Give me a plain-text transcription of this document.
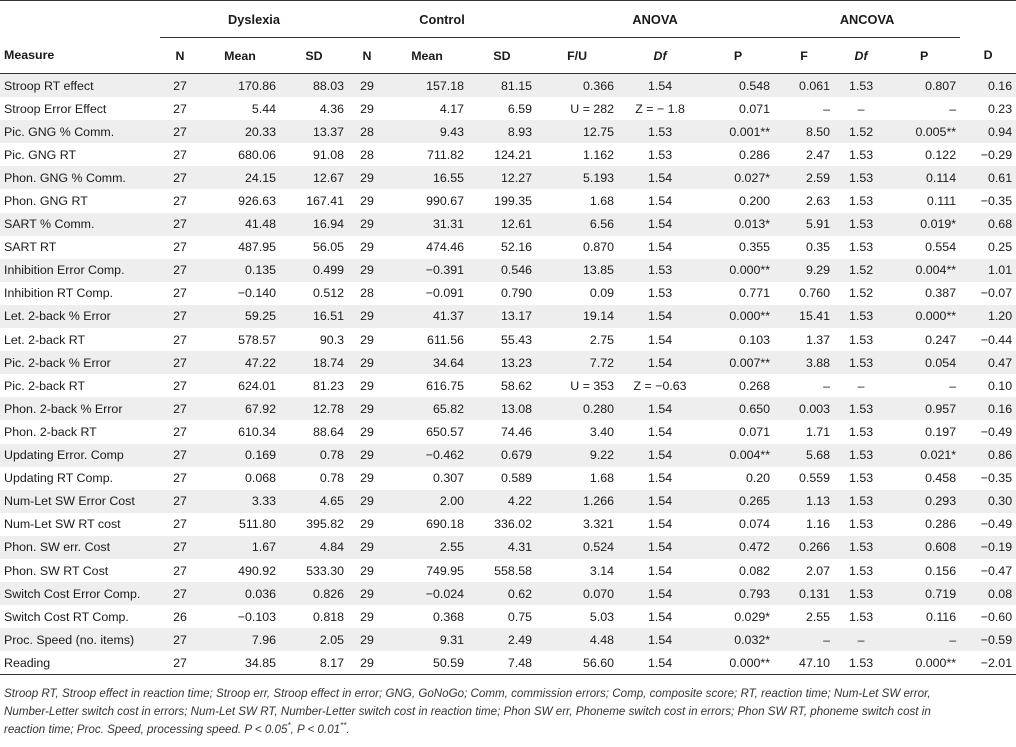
	Dyslexia			Control			ANOVA			ANCOVA			
Measure	N	Mean	SD	N	Mean	SD	F/U	Df	P	F	Df	P	D
Stroop RT effect	27	170.86	88.03	29	157.18	81.15	0.366	1.54	0.548	0.061	1.53	0.807	0.16
Stroop Error Effect	27	5.44	4.36	29	4.17	6.59	U = 282	Z = − 1.8	0.071	–	–	–	0.23
Pic. GNG % Comm.	27	20.33	13.37	28	9.43	8.93	12.75	1.53	0.001**	8.50	1.52	0.005**	0.94
Pic. GNG RT	27	680.06	91.08	28	711.82	124.21	1.162	1.53	0.286	2.47	1.53	0.122	−0.29
Phon. GNG % Comm.	27	24.15	12.67	29	16.55	12.27	5.193	1.54	0.027*	2.59	1.53	0.114	0.61
Phon. GNG RT	27	926.63	167.41	29	990.67	199.35	1.68	1.54	0.200	2.63	1.53	0.111	−0.35
SART % Comm.	27	41.48	16.94	29	31.31	12.61	6.56	1.54	0.013*	5.91	1.53	0.019*	0.68
SART RT	27	487.95	56.05	29	474.46	52.16	0.870	1.54	0.355	0.35	1.53	0.554	0.25
Inhibition Error Comp.	27	0.135	0.499	29	−0.391	0.546	13.85	1.53	0.000**	9.29	1.52	0.004**	1.01
Inhibition RT Comp.	27	−0.140	0.512	28	−0.091	0.790	0.09	1.53	0.771	0.760	1.52	0.387	−0.07
Let. 2-back % Error	27	59.25	16.51	29	41.37	13.17	19.14	1.54	0.000**	15.41	1.53	0.000**	1.20
Let. 2-back RT	27	578.57	90.3	29	611.56	55.43	2.75	1.54	0.103	1.37	1.53	0.247	−0.44
Pic. 2-back % Error	27	47.22	18.74	29	34.64	13.23	7.72	1.54	0.007**	3.88	1.53	0.054	0.47
Pic. 2-back RT	27	624.01	81.23	29	616.75	58.62	U = 353	Z = −0.63	0.268	–	–	–	0.10
Phon. 2-back % Error	27	67.92	12.78	29	65.82	13.08	0.280	1.54	0.650	0.003	1.53	0.957	0.16
Phon. 2-back RT	27	610.34	88.64	29	650.57	74.46	3.40	1.54	0.071	1.71	1.53	0.197	−0.49
Updating Error. Comp	27	0.169	0.78	29	−0.462	0.679	9.22	1.54	0.004**	5.68	1.53	0.021*	0.86
Updating RT Comp.	27	0.068	0.78	29	0.307	0.589	1.68	1.54	0.20	0.559	1.53	0.458	−0.35
Num-Let SW Error Cost	27	3.33	4.65	29	2.00	4.22	1.266	1.54	0.265	1.13	1.53	0.293	0.30
Num-Let SW RT cost	27	511.80	395.82	29	690.18	336.02	3.321	1.54	0.074	1.16	1.53	0.286	−0.49
Phon. SW err. Cost	27	1.67	4.84	29	2.55	4.31	0.524	1.54	0.472	0.266	1.53	0.608	−0.19
Phon. SW RT Cost	27	490.92	533.30	29	749.95	558.58	3.14	1.54	0.082	2.07	1.53	0.156	−0.47
Switch Cost Error Comp.	27	0.036	0.826	29	−0.024	0.62	0.070	1.54	0.793	0.131	1.53	0.719	0.08
Switch Cost RT Comp.	26	−0.103	0.818	29	0.368	0.75	5.03	1.54	0.029*	2.55	1.53	0.116	−0.60
Proc. Speed (no. items)	27	7.96	2.05	29	9.31	2.49	4.48	1.54	0.032*	–	–	–	−0.59
Reading	27	34.85	8.17	29	50.59	7.48	56.60	1.54	0.000**	47.10	1.53	0.000**	−2.01
Stroop RT, Stroop effect in reaction time; Stroop err, Stroop effect in error; GNG, GoNoGo; Comm, commission errors; Comp, composite score; RT, reaction time; Num-Let SW error,
Number-Letter switch cost in errors; Num-Let SW RT, Number-Letter switch cost in reaction time; Phon SW err, Phoneme switch cost in errors; Phon SW RT, phoneme switch cost in
reaction time; Proc. Speed, processing speed. P < 0.05*, P < 0.01**.
